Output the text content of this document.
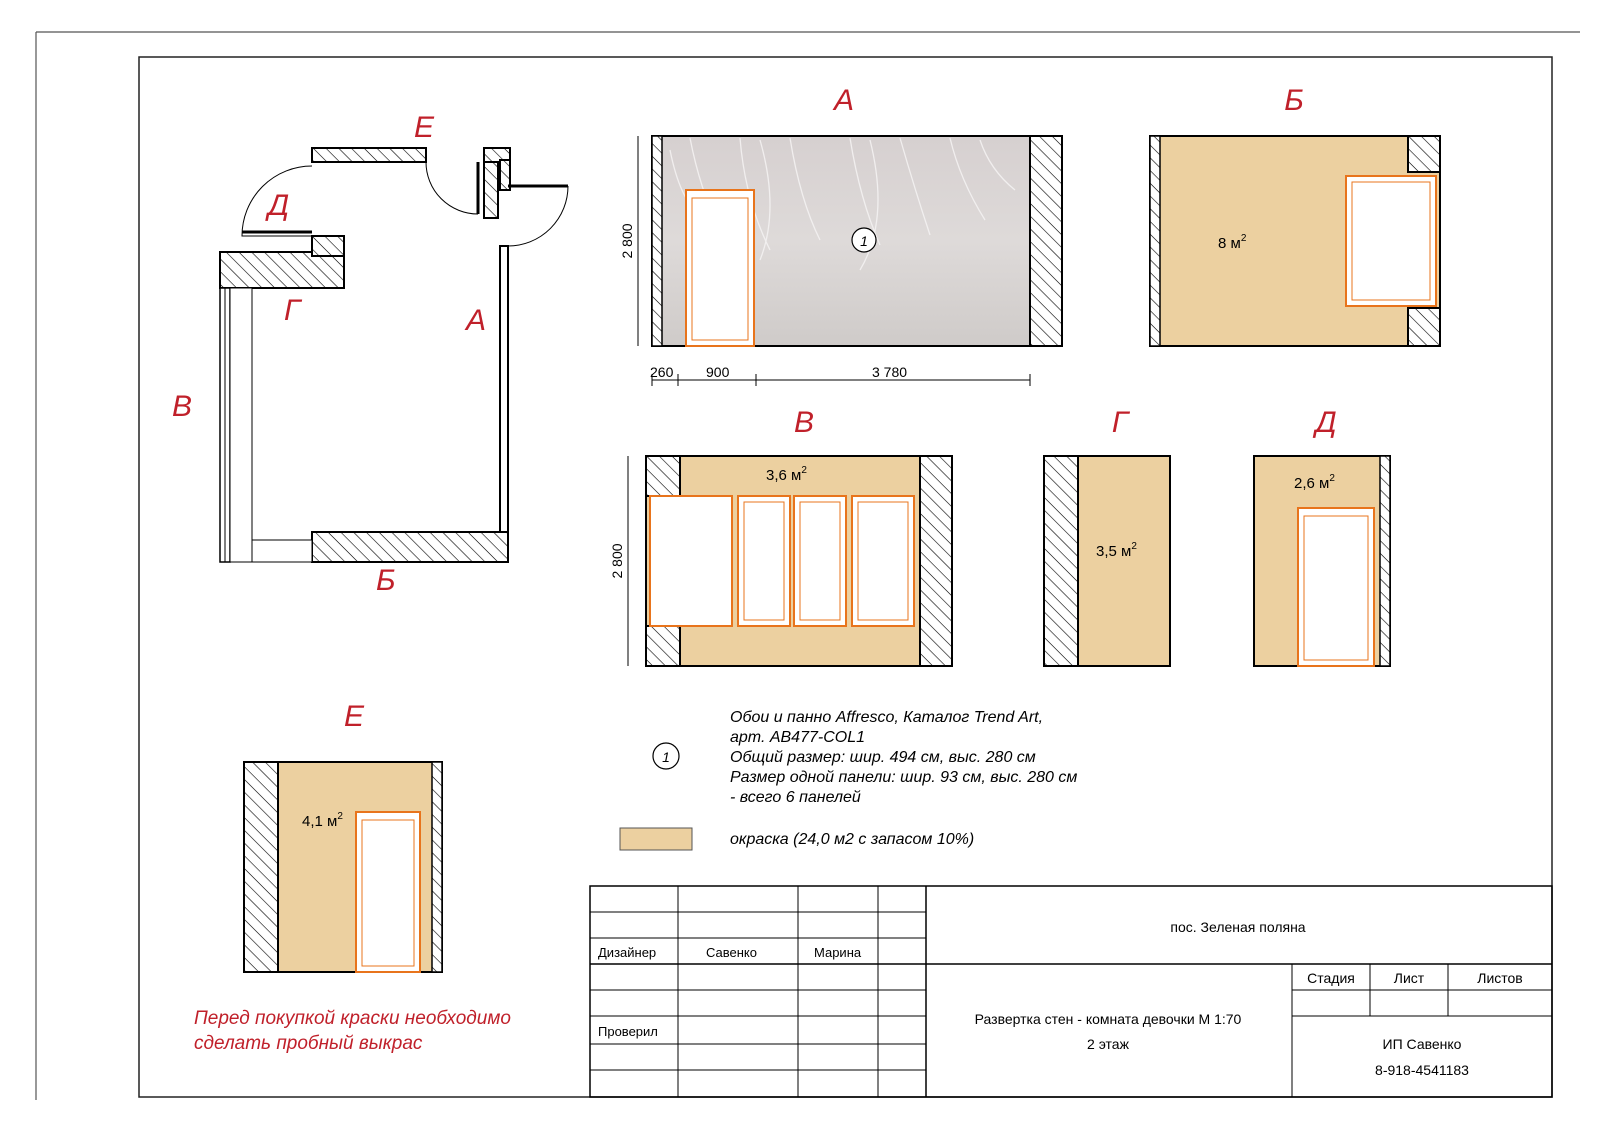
Е
Д
Г	А
В
Б
А
1
2 800
260 900	3 780
Б
8 $м^2$
В
2 800
3,6 $м^2$
Г
3,5 $м^2$
Д
2,6 $м^2$
Е
4,1 $м^2$
1
Обои и панно Affresco, Каталог Trend Art,
арт. AB477-COL1
Общий размер: шир. 494 см, выс. 280 см
Размер одной панели: шир. 93 см, выс. 280 см
- всего 6 панелей
окраска (24,0 м2 с запасом 10%)
Перед покупкой краски необходимо
сделать пробный выкрас
Дизайнер	Савенко	Марина
Проверил
пос. Зеленая поляна
Развертка стен - комната девочки М 1:70
2 этаж
Стадия	Лист	Листов
ИП Савенко
8-918-4541183
